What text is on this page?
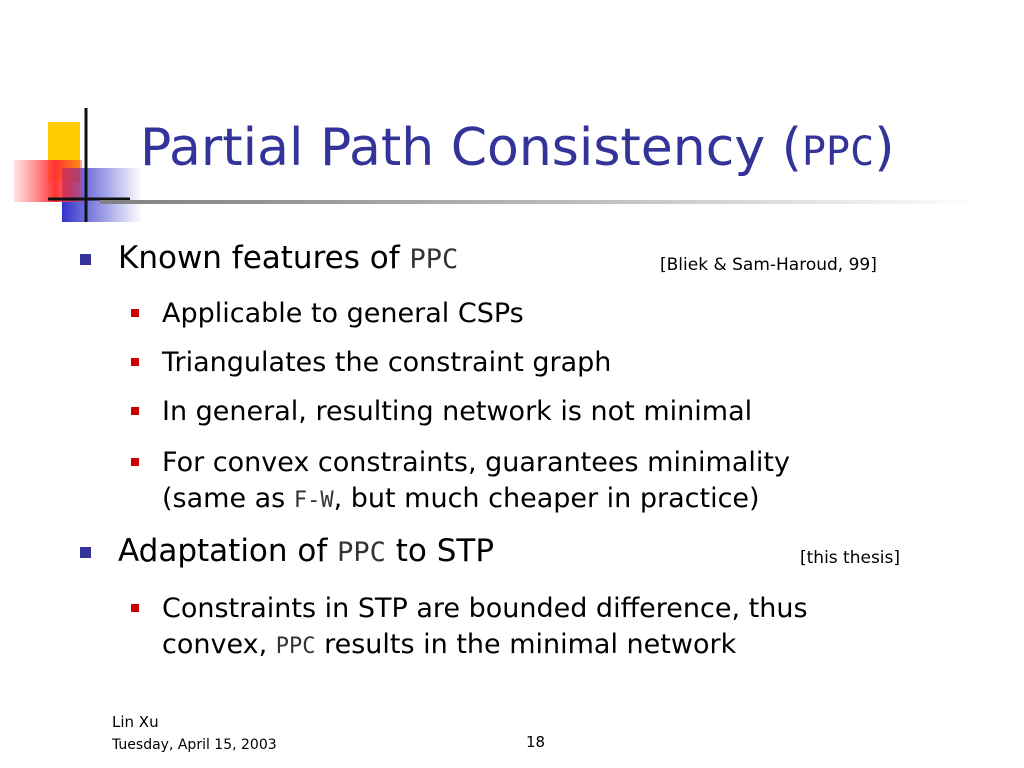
Partial Path Consistency (PPC)
Known features of PPC	[Bliek & Sam-Haroud, 99]
Applicable to general CSPs
Triangulates the constraint graph
In general, resulting network is not minimal
For convex constraints, guarantees minimality
(same as F-W, but much cheaper in practice)
Adaptation of PPC to STP	[this thesis]
Constraints in STP are bounded difference, thus
convex, PPC results in the minimal network
Lin Xu
Tuesday, April 15, 2003	18
